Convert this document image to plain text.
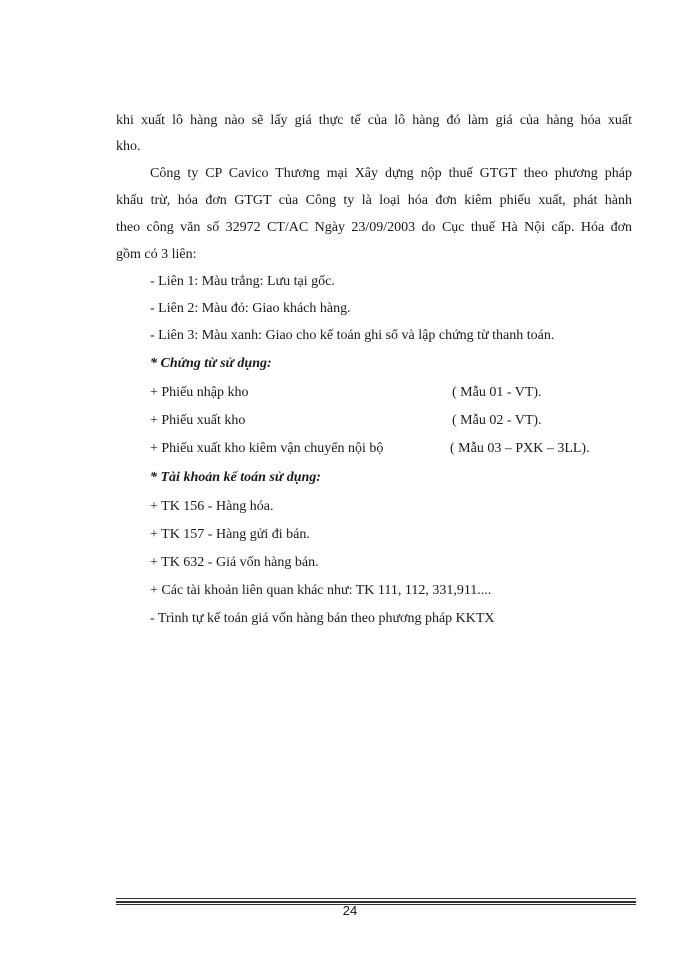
khi xuất lô hàng nào sẽ lấy giá thực tế của lô hàng đó làm giá của hàng hóa xuất
kho.
Công ty CP Cavico Thương mại Xây dựng nộp thuế GTGT theo phương pháp
khấu trừ, hóa đơn GTGT của Công ty là loại hóa đơn kiêm phiếu xuất, phát hành
theo công văn số 32972 CT/AC Ngày 23/09/2003 do Cục thuế Hà Nội cấp. Hóa đơn
gồm có 3 liên:
- Liên 1: Màu trắng: Lưu tại gốc.
- Liên 2: Màu đỏ: Giao khách hàng.
- Liên 3: Màu xanh: Giao cho kế toán ghi sổ và lập chứng từ thanh toán.
* Chứng từ sử dụng:
+ Phiếu nhập kho	( Mẫu 01 - VT).
+ Phiếu xuất kho	( Mẫu 02 - VT).
+ Phiếu xuất kho kiêm vận chuyển nội bộ	( Mẫu 03 – PXK – 3LL).
* Tài khoản kế toán sử dụng:
+ TK 156 - Hàng hóa.
+ TK 157 - Hàng gửi đi bán.
+ TK 632 - Giá vốn hàng bán.
+ Các tài khoản liên quan khác như: TK 111, 112, 331,911....
- Trình tự kế toán giá vốn hàng bán theo phương pháp KKTX
24
